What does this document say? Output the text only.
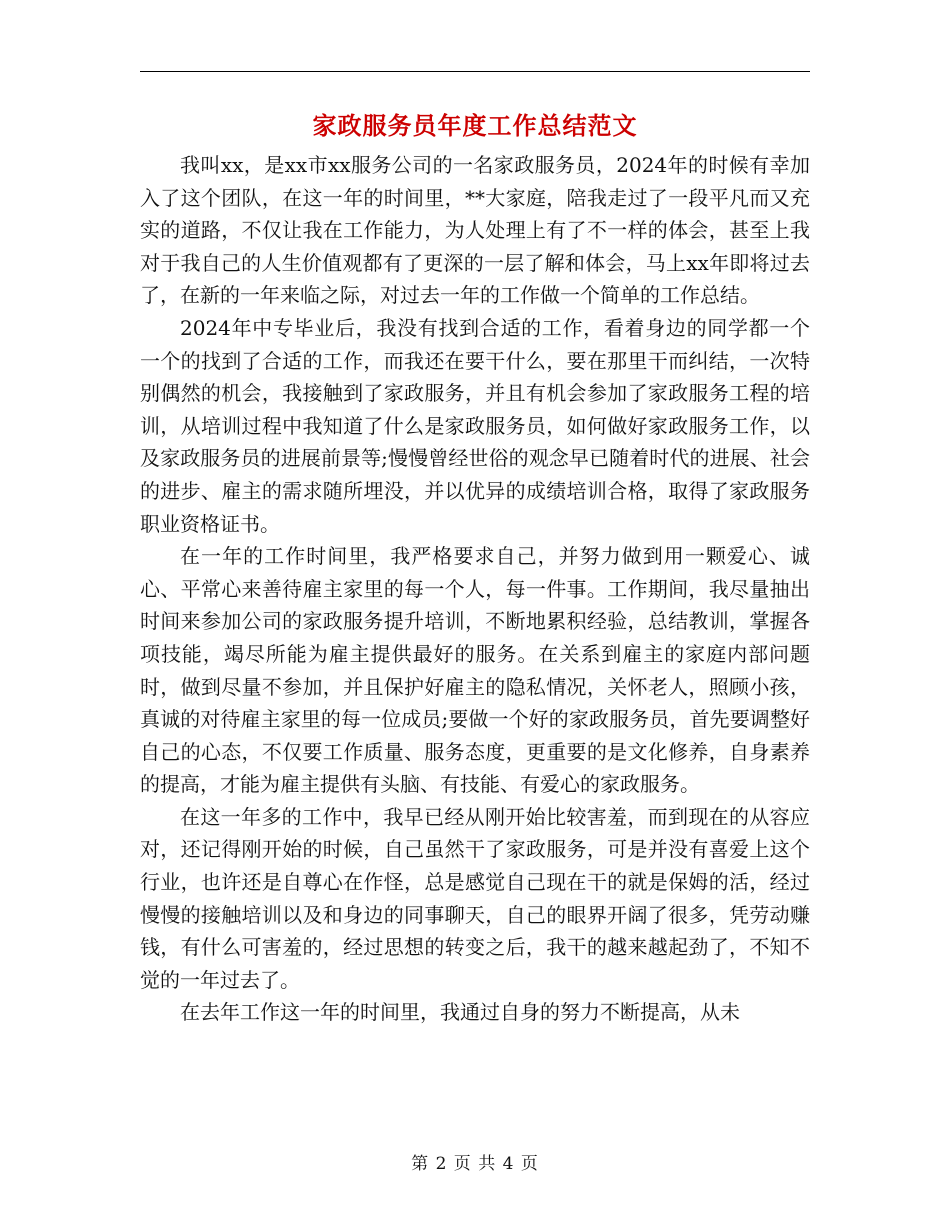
家政服务员年度工作总结范文

我叫xx，是xx市xx服务公司的一名家政服务员，2024年的时候有幸加入了这个团队，在这一年的时间里，**大家庭，陪我走过了一段平凡而又充实的道路，不仅让我在工作能力，为人处理上有了不一样的体会，甚至上我对于我自己的人生价值观都有了更深的一层了解和体会，马上xx年即将过去了，在新的一年来临之际，对过去一年的工作做一个简单的工作总结。

2024年中专毕业后，我没有找到合适的工作，看着身边的同学都一个一个的找到了合适的工作，而我还在要干什么，要在那里干而纠结，一次特别偶然的机会，我接触到了家政服务，并且有机会参加了家政服务工程的培训，从培训过程中我知道了什么是家政服务员，如何做好家政服务工作，以及家政服务员的进展前景等;慢慢曾经世俗的观念早已随着时代的进展、社会的进步、雇主的需求随所埋没，并以优异的成绩培训合格，取得了家政服务职业资格证书。

在一年的工作时间里，我严格要求自己，并努力做到用一颗爱心、诚心、平常心来善待雇主家里的每一个人，每一件事。工作期间，我尽量抽出时间来参加公司的家政服务提升培训，不断地累积经验，总结教训，掌握各项技能，竭尽所能为雇主提供最好的服务。在关系到雇主的家庭内部问题时，做到尽量不参加，并且保护好雇主的隐私情况，关怀老人，照顾小孩，真诚的对待雇主家里的每一位成员;要做一个好的家政服务员，首先要调整好自己的心态，不仅要工作质量、服务态度，更重要的是文化修养，自身素养的提高，才能为雇主提供有头脑、有技能、有爱心的家政服务。

在这一年多的工作中，我早已经从刚开始比较害羞，而到现在的从容应对，还记得刚开始的时候，自己虽然干了家政服务，可是并没有喜爱上这个行业，也许还是自尊心在作怪，总是感觉自己现在干的就是保姆的活，经过慢慢的接触培训以及和身边的同事聊天，自己的眼界开阔了很多，凭劳动赚钱，有什么可害羞的，经过思想的转变之后，我干的越来越起劲了，不知不觉的一年过去了。

在去年工作这一年的时间里，我通过自身的努力不断提高，从未

第 2 页 共 4 页
